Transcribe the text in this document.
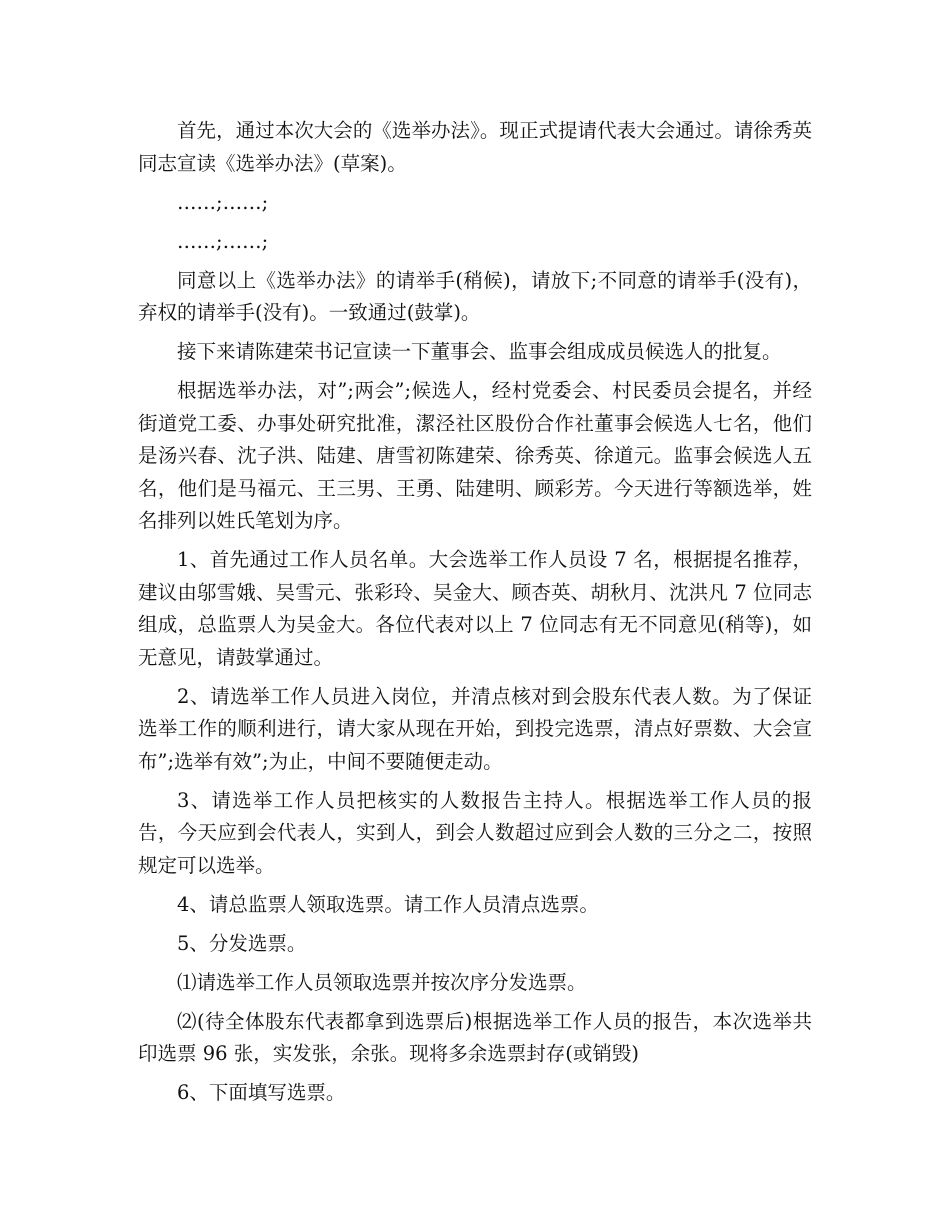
首先，通过本次大会的《选举办法》。现正式提请代表大会通过。请徐秀英同志宣读《选举办法》(草案)。

……;……;

……;……;

同意以上《选举办法》的请举手(稍候)，请放下;不同意的请举手(没有)，弃权的请举手(没有)。一致通过(鼓掌)。

接下来请陈建荣书记宣读一下董事会、监事会组成成员候选人的批复。

根据选举办法，对”;两会”;候选人，经村党委会、村民委员会提名，并经街道党工委、办事处研究批准，潔泾社区股份合作社董事会候选人七名，他们是汤兴春、沈子洪、陆建、唐雪初陈建荣、徐秀英、徐道元。监事会候选人五名，他们是马福元、王三男、王勇、陆建明、顾彩芳。今天进行等额选举，姓名排列以姓氏笔划为序。

1、首先通过工作人员名单。大会选举工作人员设 7 名，根据提名推荐，建议由邬雪娥、吴雪元、张彩玲、吴金大、顾杏英、胡秋月、沈洪凡 7 位同志组成，总监票人为吴金大。各位代表对以上 7 位同志有无不同意见(稍等)，如无意见，请鼓掌通过。

2、请选举工作人员进入岗位，并清点核对到会股东代表人数。为了保证选举工作的顺利进行，请大家从现在开始，到投完选票，清点好票数、大会宣布”;选举有效”;为止，中间不要随便走动。

3、请选举工作人员把核实的人数报告主持人。根据选举工作人员的报告，今天应到会代表人，实到人，到会人数超过应到会人数的三分之二，按照规定可以选举。

4、请总监票人领取选票。请工作人员清点选票。

5、分发选票。

⑴请选举工作人员领取选票并按次序分发选票。

⑵(待全体股东代表都拿到选票后)根据选举工作人员的报告，本次选举共印选票 96 张，实发张，余张。现将多余选票封存(或销毁)

6、下面填写选票。
